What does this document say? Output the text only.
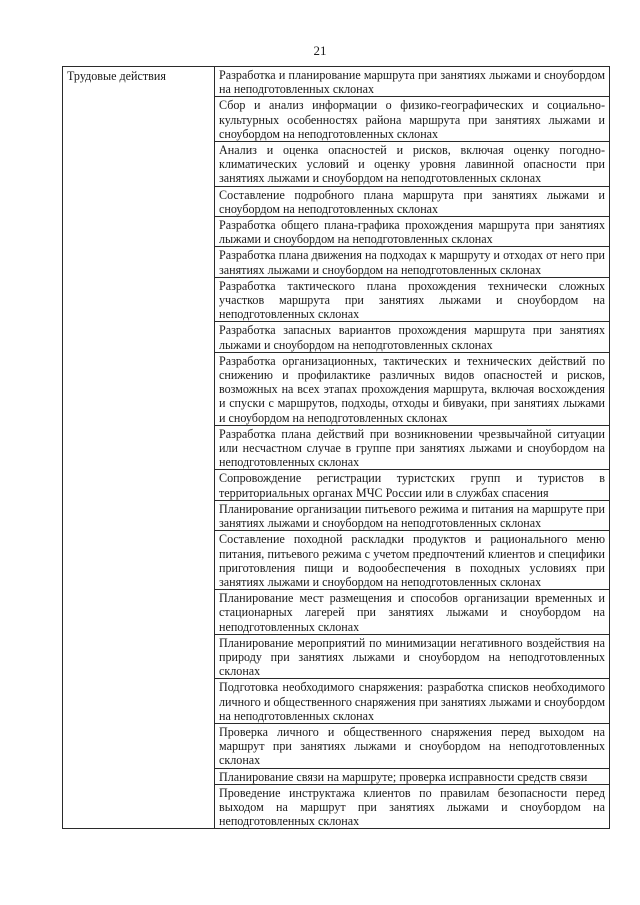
21
Трудовые действия	Разработка и планирование маршрута при занятиях лыжами и сноубордом на неподготовленных склонах
Сбор и анализ информации о физико-географических и социально-культурных особенностях района маршрута при занятиях лыжами и сноубордом на неподготовленных склонах
Анализ и оценка опасностей и рисков, включая оценку погодно-климатических условий и оценку уровня лавинной опасности при занятиях лыжами и сноубордом на неподготовленных склонах
Составление подробного плана маршрута при занятиях лыжами и сноубордом на неподготовленных склонах
Разработка общего плана-графика прохождения маршрута при занятиях лыжами и сноубордом на неподготовленных склонах
Разработка плана движения на подходах к маршруту и отходах от него при занятиях лыжами и сноубордом на неподготовленных склонах
Разработка тактического плана прохождения технически сложных участков маршрута при занятиях лыжами и сноубордом на неподготовленных склонах
Разработка запасных вариантов прохождения маршрута при занятиях лыжами и сноубордом на неподготовленных склонах
Разработка организационных, тактических и технических действий по снижению и профилактике различных видов опасностей и рисков, возможных на всех этапах прохождения маршрута, включая восхождения и спуски с маршрутов, подходы, отходы и бивуаки, при занятиях лыжами и сноубордом на неподготовленных склонах
Разработка плана действий при возникновении чрезвычайной ситуации или несчастном случае в группе при занятиях лыжами и сноубордом на неподготовленных склонах
Сопровождение регистрации туристских групп и туристов в территориальных органах МЧС России или в службах спасения
Планирование организации питьевого режима и питания на маршруте при занятиях лыжами и сноубордом на неподготовленных склонах
Составление походной раскладки продуктов и рационального меню питания, питьевого режима с учетом предпочтений клиентов и специфики приготовления пищи и водообеспечения в походных условиях при занятиях лыжами и сноубордом на неподготовленных склонах
Планирование мест размещения и способов организации временных и стационарных лагерей при занятиях лыжами и сноубордом на неподготовленных склонах
Планирование мероприятий по минимизации негативного воздействия на природу при занятиях лыжами и сноубордом на неподготовленных склонах
Подготовка необходимого снаряжения: разработка списков необходимого личного и общественного снаряжения при занятиях лыжами и сноубордом на неподготовленных склонах
Проверка личного и общественного снаряжения перед выходом на маршрут при занятиях лыжами и сноубордом на неподготовленных склонах
Планирование связи на маршруте; проверка исправности средств связи
Проведение инструктажа клиентов по правилам безопасности перед выходом на маршрут при занятиях лыжами и сноубордом на неподготовленных склонах
